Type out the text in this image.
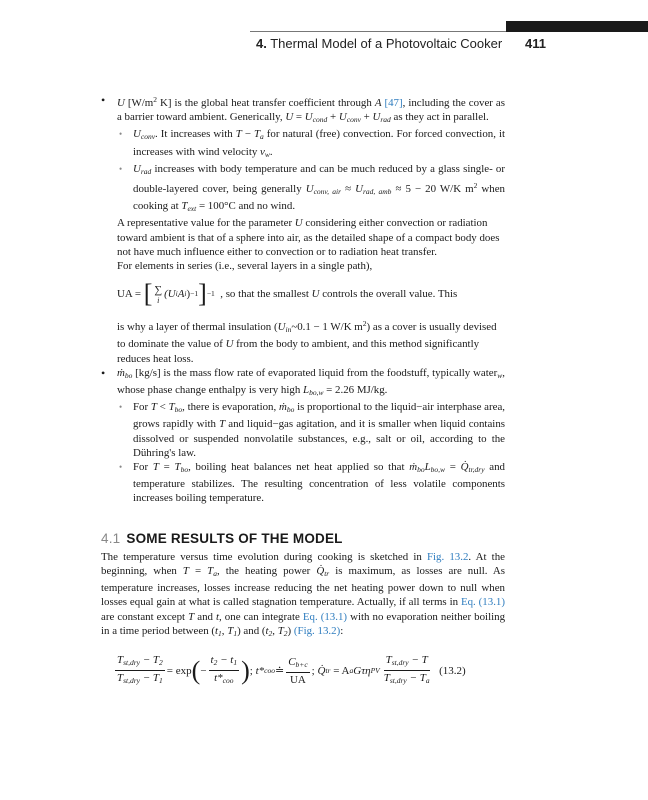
4. Thermal Model of a Photovoltaic Cooker 411
• U [$W/m^2$ K] is the global heat transfer coefficient through A [47], including the cover as a barrier toward ambient. Generically, U = Ucond + Uconv + Urad as they act in parallel.
• Uconv. It increases with T − Ta for natural (free) convection. For forced convection, it increases with wind velocity vw.
• Urad increases with body temperature and can be much reduced by a glass single- or double-layered cover, being generally Uconv, air ≈ Urad, amb ≈ 5 − 20 W/K $m^2$ when cooking at Text = 100°C and no wind.
A representative value for the parameter U considering either convection or radiation toward ambient is that of a sphere into air, as the detailed shape of a compact body does not have much influence either to convection or to radiation heat transfer.
For elements in series (i.e., several layers in a single path),
UA =
[ ∑
i
(U i A i ) −1 ] −1
, so that the smallest
U
controls the overall value. This
is why a layer of thermal insulation (Uin~0.1 − 1 W/K $m^2$) as a cover is usually devised to dominate the value of U from the body to ambient, and this method significantly reduces heat loss.
• ṁbo [kg/s] is the mass flow rate of evaporated liquid from the foodstuff, typically waterw, whose phase change enthalpy is very high Lbo,w = 2.26 MJ/kg.
• For T < Tbo, there is evaporation, ṁbo is proportional to the liquid−air interphase area, grows rapidly with T and liquid−gas agitation, and it is smaller when liquid contains dissolved or suspended nonvolatile substances, e.g., salt or oil, according to the Dühring's law.
• For T = Tbo, boiling heat balances net heat applied so that ṁboLbo,w = Q̇tr,dry and temperature stabilizes. The resulting concentration of less volatile components increases boiling temperature.
4.1 SOME RESULTS OF THE MODEL
The temperature versus time evolution during cooking is sketched in Fig. 13.2. At the beginning, when T = Ta, the heating power Q̇tr is maximum, as losses are null. As temperature increases, losses increase reducing the net heating power down to null when losses equal gain at what is called stagnation temperature. Actually, if all terms in Eq. (13.1) are constant except T and t, one can integrate Eq. (13.1) with no evaporation neither boiling in a time period between (t1, T1) and (t2, T2) (Fig. 13.2):
$\frac{\text{Tst,dry − T2}}{\text{Tst,dry − T1}} = \exp$ ( − $\frac{t2 - t1}{\text{t*coo}}$ ) ;
t* coo ≐ $\frac{Cb+c}{UA}$ ;
Q̇ tr
= A a Gτη PV $\frac{\text{Tst,dry − T}}{\text{Tst,dry − Ta}}$
(13.2)
